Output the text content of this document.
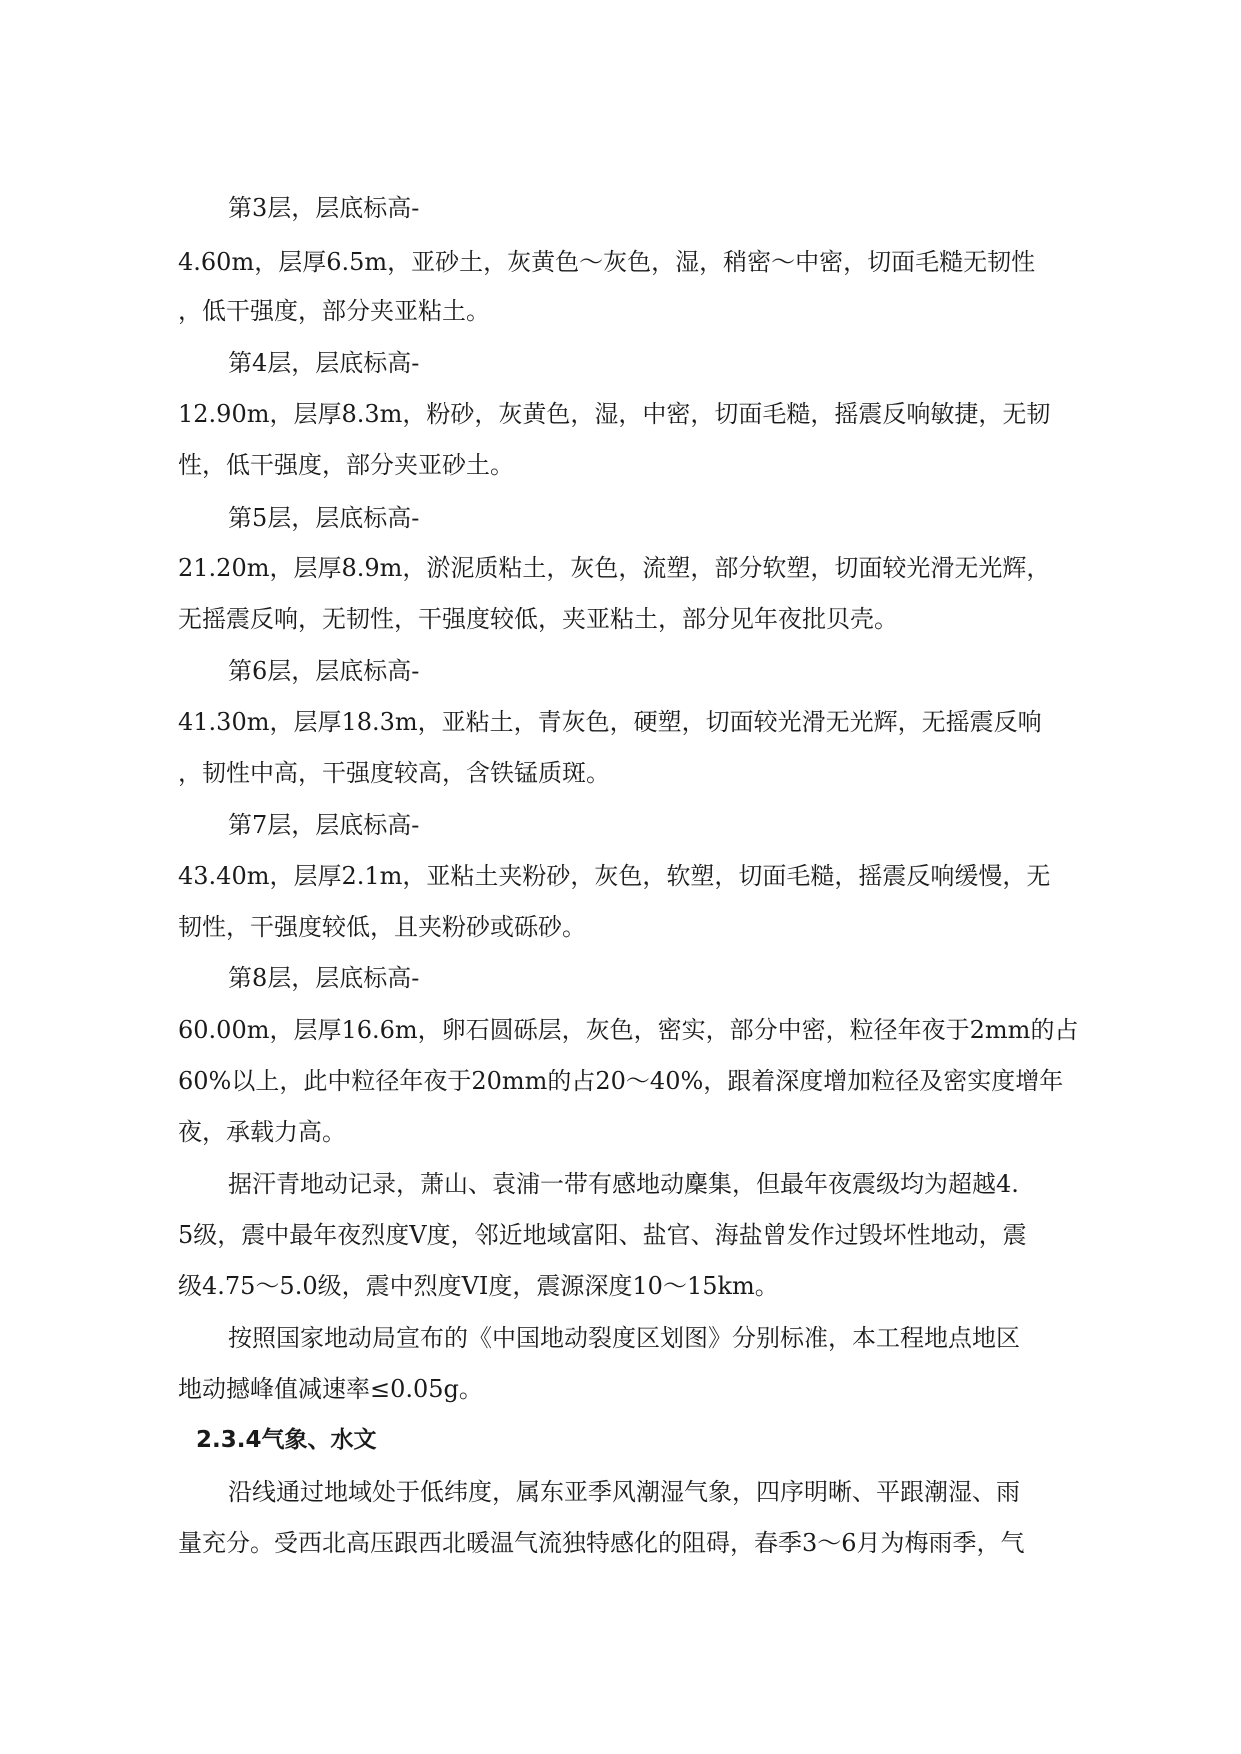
第3层，层底标高-
4.60m，层厚6.5m，亚砂土，灰黄色～灰色，湿，稍密～中密，切面毛糙无韧性
，低干强度，部分夹亚粘土。
第4层，层底标高-
12.90m，层厚8.3m，粉砂，灰黄色，湿，中密，切面毛糙，摇震反响敏捷，无韧
性，低干强度，部分夹亚砂土。
第5层，层底标高-
21.20m，层厚8.9m，淤泥质粘土，灰色，流塑，部分软塑，切面较光滑无光辉，
无摇震反响，无韧性，干强度较低，夹亚粘土，部分见年夜批贝壳。
第6层，层底标高-
41.30m，层厚18.3m，亚粘土，青灰色，硬塑，切面较光滑无光辉，无摇震反响
，韧性中高，干强度较高，含铁锰质斑。
第7层，层底标高-
43.40m，层厚2.1m，亚粘土夹粉砂，灰色，软塑，切面毛糙，摇震反响缓慢，无
韧性，干强度较低，且夹粉砂或砾砂。
第8层，层底标高-
60.00m，层厚16.6m，卵石圆砾层，灰色，密实，部分中密，粒径年夜于2mm的占
60%以上，此中粒径年夜于20mm的占20～40%，跟着深度增加粒径及密实度增年
夜，承载力高。
据汗青地动记录，萧山、袁浦一带有感地动麇集，但最年夜震级均为超越4.
5级，震中最年夜烈度V度，邻近地域富阳、盐官、海盐曾发作过毁坏性地动，震
级4.75～5.0级，震中烈度VI度，震源深度10～15km。
按照国家地动局宣布的《中国地动裂度区划图》分别标准，本工程地点地区
地动撼峰值减速率≤0.05g。
2.3.4气象、水文
沿线通过地域处于低纬度，属东亚季风潮湿气象，四序明晰、平跟潮湿、雨
量充分。受西北高压跟西北暖温气流独特感化的阻碍，春季3～6月为梅雨季，气
